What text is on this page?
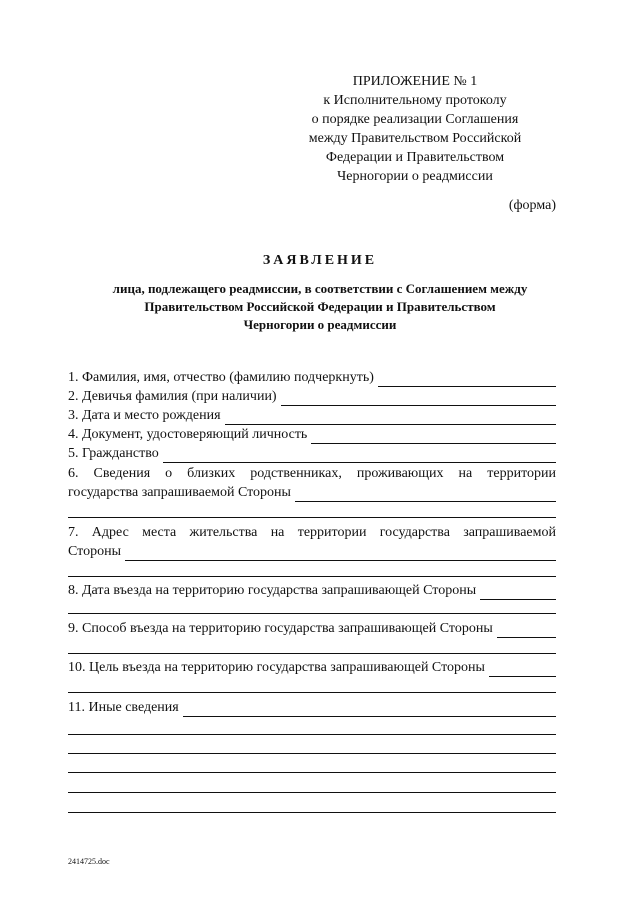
ПРИЛОЖЕНИЕ № 1
к Исполнительному протоколу
о порядке реализации Соглашения
между Правительством Российской
Федерации и Правительством
Черногории о реадмиссии
(форма)
ЗАЯВЛЕНИЕ
лица, подлежащего реадмиссии, в соответствии с Соглашением между
Правительством Российской Федерации и Правительством
Черногории о реадмиссии
1. Фамилия, имя, отчество (фамилию подчеркнуть)
2. Девичья фамилия (при наличии)
3. Дата и место рождения
4. Документ, удостоверяющий личность
5. Гражданство
6. Сведения о близких родственниках, проживающих на территории
государства запрашиваемой Стороны
7. Адрес места жительства на территории государства запрашиваемой
Стороны
8. Дата въезда на территорию государства запрашивающей Стороны
9. Способ въезда на территорию государства запрашивающей Стороны
10. Цель въезда на территорию государства запрашивающей Стороны
11. Иные сведения
2414725.doc
